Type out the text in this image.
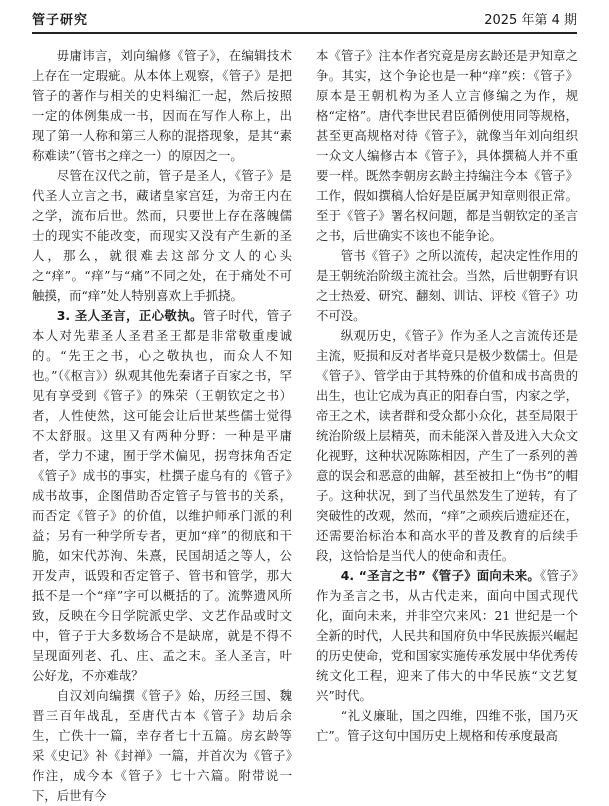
管子研究	2025 年第 4 期

毋庸讳言，刘向编修《管子》，在编辑技术上存在一定瑕疵。从本体上观察，《管子》是把管子的著作与相关的史料编汇一起，然后按照一定的体例集成一书，因而在写作人称上，出现了第一人称和第三人称的混搭现象，是其“素称难读”（管书之痒之一）的原因之一。

尽管在汉代之前，管子是圣人，《管子》是代圣人立言之书，藏诸皇家宫廷，为帝王内在之学，流布后世。然而，只要世上存在落魄儒士的现实不能改变，而现实又没有产生新的圣人，那么，就很难去这部分文人的心头之“痒”。“痒”与“痛”不同之处，在于痛处不可触摸，而“痒”处人特别喜欢上手抓挠。

3. 圣人圣言，正心敬执。管子时代，管子本人对先辈圣人圣君圣王都是非常敬重虔诚的。“先王之书，心之敬执也，而众人不知也。”（《枢言》）纵观其他先秦诸子百家之书，罕见有享受到《管子》的殊荣（王朝钦定之书）者，人性使然，这可能会让后世某些儒士觉得不太舒服。这里又有两种分野：一种是平庸者，学力不逮，囿于学术偏见，拐弯抹角否定《管子》成书的事实，杜撰子虚乌有的《管子》成书故事，企图借助否定管子与管书的关系，而否定《管子》的价值，以维护师承门派的利益；另有一种学所专者，更加“痒”的彻底和干脆，如宋代苏洵、朱熹，民国胡适之等人，公开发声，诋毁和否定管子、管书和管学，那大抵不是一个“痒”字可以概括的了。流弊遗风所致，反映在今日学院派史学、文艺作品或时文中，管子于大多数场合不是缺席，就是不得不呈现面列老、孔、庄、孟之末。圣人圣言，叶公好龙，不亦难哉？

自汉刘向编撰《管子》始，历经三国、魏晋三百年战乱，至唐代古本《管子》劫后余生，亡佚十一篇，幸存者七十五篇。房玄龄等采《史记》补《封禅》一篇，并首次为《管子》作注，成今本《管子》七十六篇。附带说一下，后世有今

本《管子》注本作者究竟是房玄龄还是尹知章之争。其实，这个争论也是一种“痒”疾：《管子》原本是王朝机构为圣人立言修编之为作，规格“定格”。唐代李世民君臣循例使用同等规格，甚至更高规格对待《管子》，就像当年刘向组织一众文人编修古本《管子》，具体撰稿人并不重要一样。既然李朝房玄龄主持编注今本《管子》工作，假如撰稿人恰好是臣属尹知章则很正常。至于《管子》署名权问题，都是当朝钦定的圣言之书，后世确实不该也不能争论。

管书《管子》之所以流传，起决定性作用的是王朝统治阶级主流社会。当然，后世朝野有识之士热爱、研究、翻刻、训诂、评校《管子》功不可没。

纵观历史，《管子》作为圣人之言流传还是主流，贬损和反对者毕竟只是极少数儒士。但是《管子》、管学由于其特殊的价值和成书高贵的出生，也让它成为真正的阳春白雪，内家之学，帝王之术，读者群和受众都小众化，甚至局限于统治阶级上层精英，而未能深入普及进入大众文化视野，这种状况陈陈相因，产生了一系列的善意的误会和恶意的曲解，甚至被扣上“伪书”的帽子。这种状况，到了当代虽然发生了逆转，有了突破性的改观，然而，“痒”之顽疾后遗症还在，还需要治标治本和高水平的普及教育的后续手段，这恰恰是当代人的使命和责任。

4. “圣言之书”《管子》面向未来。《管子》作为圣言之书，从古代走来，面向中国式现代化，面向未来，并非空穴来风：21 世纪是一个全新的时代，人民共和国府负中华民族振兴崛起的历史使命，党和国家实施传承发展中华优秀传统文化工程，迎来了伟大的中华民族“文艺复兴”时代。

“礼义廉耻，国之四维，四维不张，国乃灭亡”。管子这句中国历史上规格和传承度最高
